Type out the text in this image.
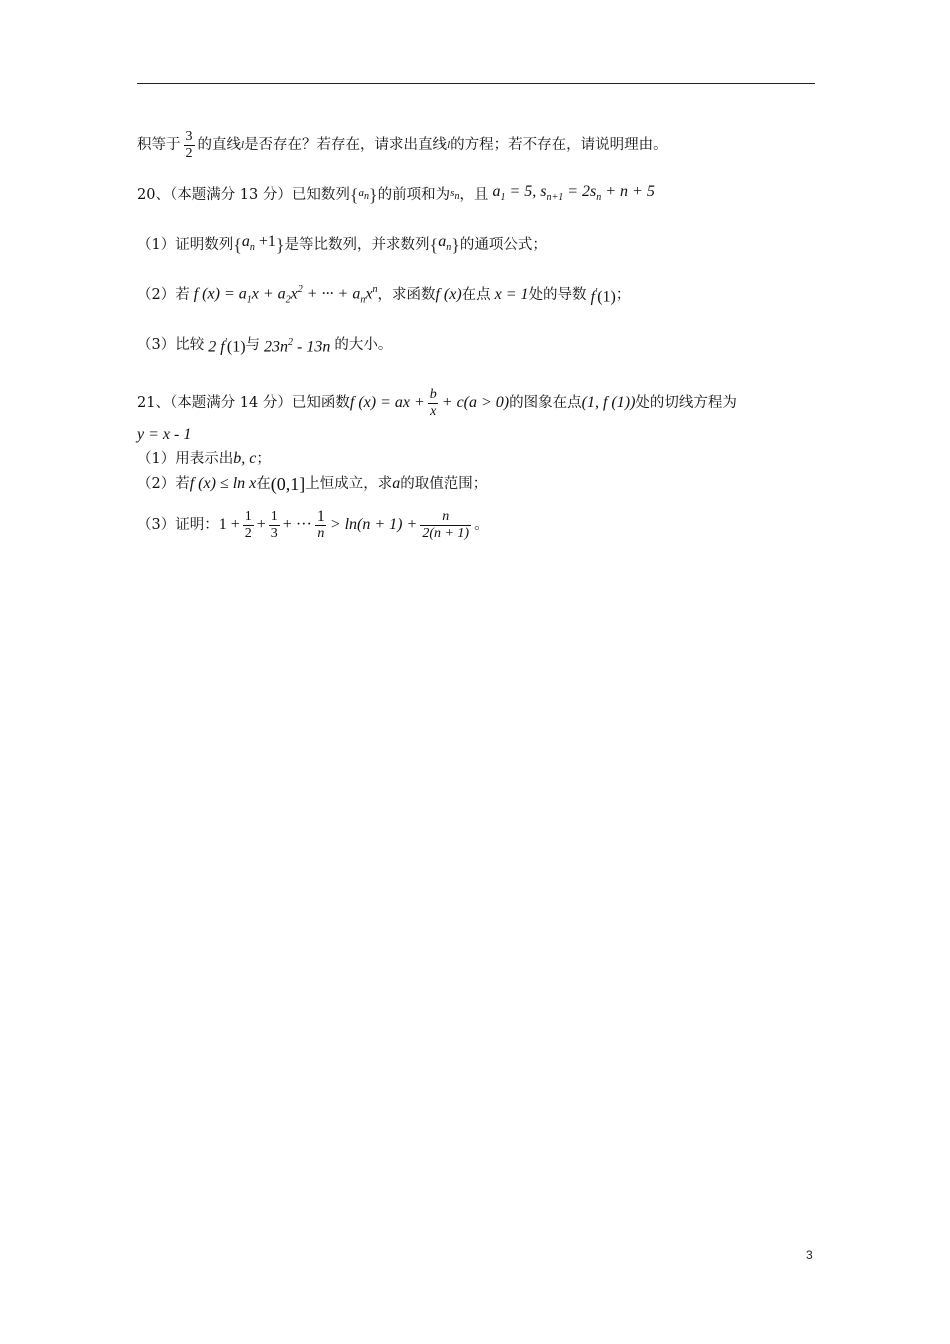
积等于 $\frac{3}{2}$ 的直线 l 是否存在？若存在，请求出直线 l 的方程；若不存在，请说明理由。
20、（本题满分 13 分）已知数列 { $a_n$ } 的前项和为 $s_n$ ，且 $a_1 = 5$, $s_{n+1} = 2s_n + n + 5$
（1）证明数列 { $a_n +1$ } 是等比数列，并求数列 { $a_n$ } 的通项公式；
（2）若 f $(x) = a_1x + a_2x^2$ + ··· + $a_nx^n$ ，求函数 f (x) 在点 x = 1 处的导数 f′(1) ；
（3）比较 2 f′(1) 与 $23n^2 - 13n$ 的大小。
21、（本题满分 14 分）已知函数 f (x) = ax + $\frac{b}{x} + c(a > 0)$ 的图象在点 (1, f (1)) 处的切线方程为
y = x - 1
（1）用表示出 b, c ；
（2）若 f (x) ≤ ln x 在 (0,1] 上恒成立，求 a 的取值范围；
（3）证明： $1 + \frac{1}{2} + \frac{1}{3}$ + ··· $\frac{1}{n} > \ln(n + 1) + \frac{n}{2(n + 1)}$ 。
3
